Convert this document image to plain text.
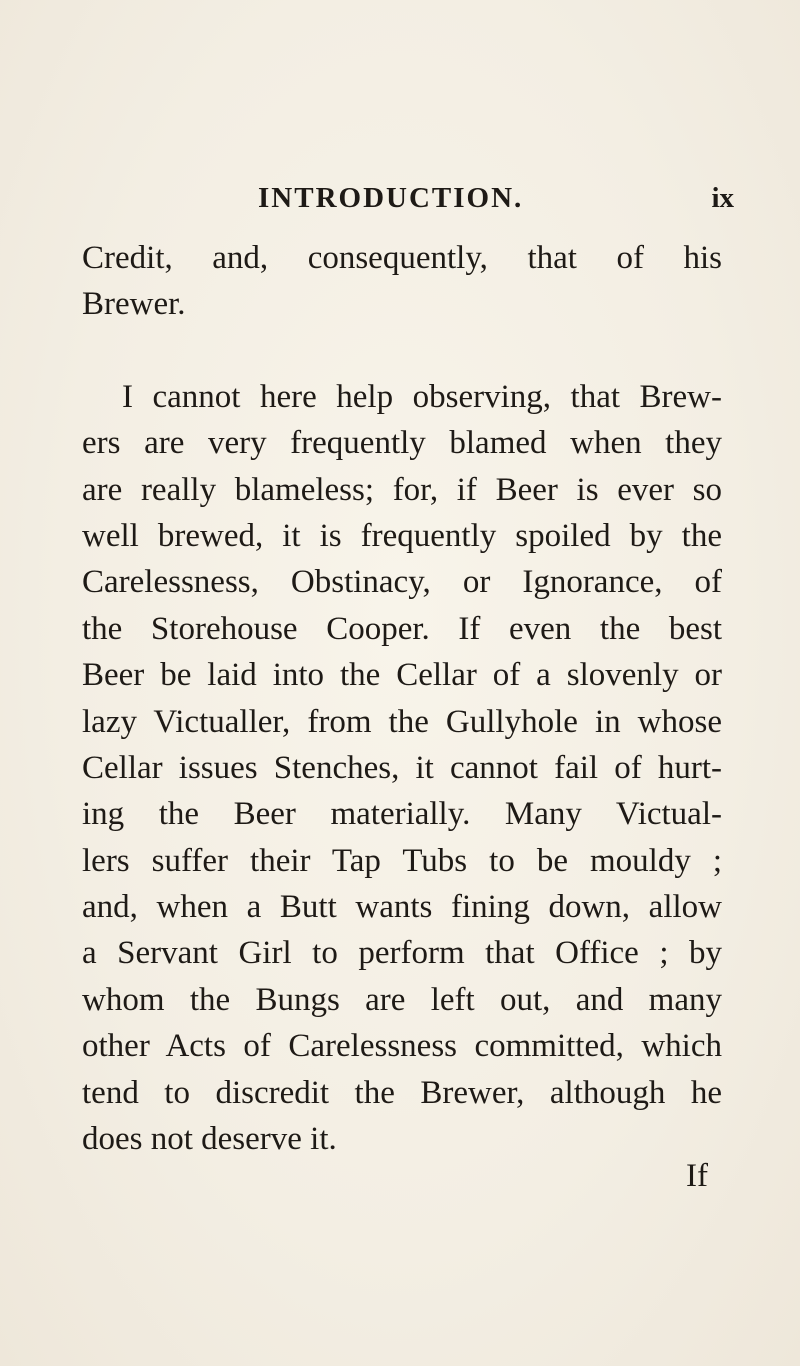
INTRODUCTION.	ix
Credit, and, consequently, that of his
Brewer.
I cannot here help observing, that Brew-
ers are very frequently blamed when they
are really blameless; for, if Beer is ever so
well brewed, it is frequently spoiled by the
Carelessness, Obstinacy, or Ignorance, of
the Storehouse Cooper. If even the best
Beer be laid into the Cellar of a slovenly or
lazy Victualler, from the Gullyhole in whose
Cellar issues Stenches, it cannot fail of hurt-
ing the Beer materially. Many Victual-
lers suffer their Tap Tubs to be mouldy ;
and, when a Butt wants fining down, allow
a Servant Girl to perform that Office ; by
whom the Bungs are left out, and many
other Acts of Carelessness committed, which
tend to discredit the Brewer, although he
does not deserve it.
If
